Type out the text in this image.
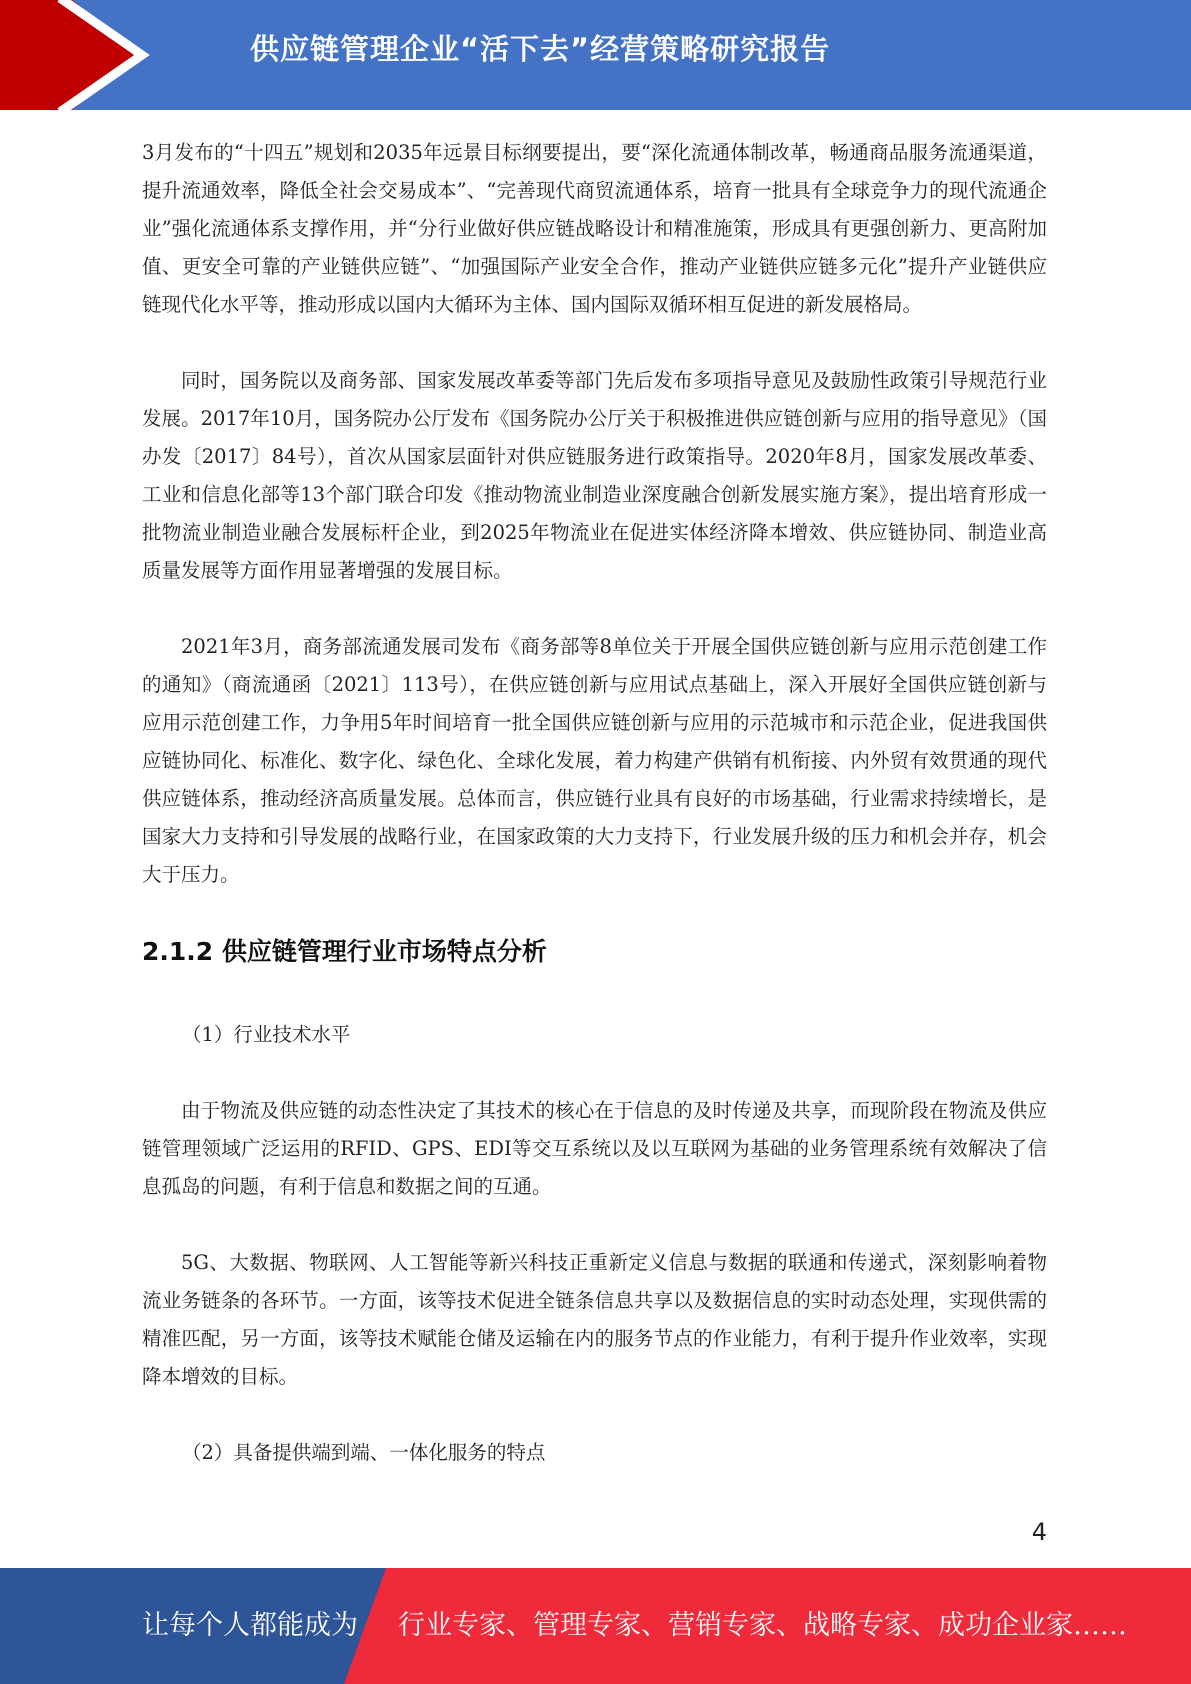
供应链管理企业“活下去”经营策略研究报告

3月发布的“十四五”规划和2035年远景目标纲要提出，要“深化流通体制改革，畅通商品服务流通渠道，提升流通效率，降低全社会交易成本”、“完善现代商贸流通体系，培育一批具有全球竞争力的现代流通企业”强化流通体系支撑作用，并“分行业做好供应链战略设计和精准施策，形成具有更强创新力、更高附加值、更安全可靠的产业链供应链”、“加强国际产业安全合作，推动产业链供应链多元化”提升产业链供应链现代化水平等，推动形成以国内大循环为主体、国内国际双循环相互促进的新发展格局。

同时，国务院以及商务部、国家发展改革委等部门先后发布多项指导意见及鼓励性政策引导规范行业发展。2017年10月，国务院办公厅发布《国务院办公厅关于积极推进供应链创新与应用的指导意见》（国办发〔2017〕84号），首次从国家层面针对供应链服务进行政策指导。2020年8月，国家发展改革委、工业和信息化部等13个部门联合印发《推动物流业制造业深度融合创新发展实施方案》，提出培育形成一批物流业制造业融合发展标杆企业，到2025年物流业在促进实体经济降本增效、供应链协同、制造业高质量发展等方面作用显著增强的发展目标。

2021年3月，商务部流通发展司发布《商务部等8单位关于开展全国供应链创新与应用示范创建工作的通知》（商流通函〔2021〕113号），在供应链创新与应用试点基础上，深入开展好全国供应链创新与应用示范创建工作，力争用5年时间培育一批全国供应链创新与应用的示范城市和示范企业，促进我国供应链协同化、标准化、数字化、绿色化、全球化发展，着力构建产供销有机衔接、内外贸有效贯通的现代供应链体系，推动经济高质量发展。总体而言，供应链行业具有良好的市场基础，行业需求持续增长，是国家大力支持和引导发展的战略行业，在国家政策的大力支持下，行业发展升级的压力和机会并存，机会大于压力。

2.1.2 供应链管理行业市场特点分析

（1）行业技术水平

由于物流及供应链的动态性决定了其技术的核心在于信息的及时传递及共享，而现阶段在物流及供应链管理领域广泛运用的RFID、GPS、EDI等交互系统以及以互联网为基础的业务管理系统有效解决了信息孤岛的问题，有利于信息和数据之间的互通。

5G、大数据、物联网、人工智能等新兴科技正重新定义信息与数据的联通和传递式，深刻影响着物流业务链条的各环节。一方面，该等技术促进全链条信息共享以及数据信息的实时动态处理，实现供需的精准匹配，另一方面，该等技术赋能仓储及运输在内的服务节点的作业能力，有利于提升作业效率，实现降本增效的目标。

（2）具备提供端到端、一体化服务的特点

4
让每个人都能成为 行业专家、管理专家、营销专家、战略专家、成功企业家……
